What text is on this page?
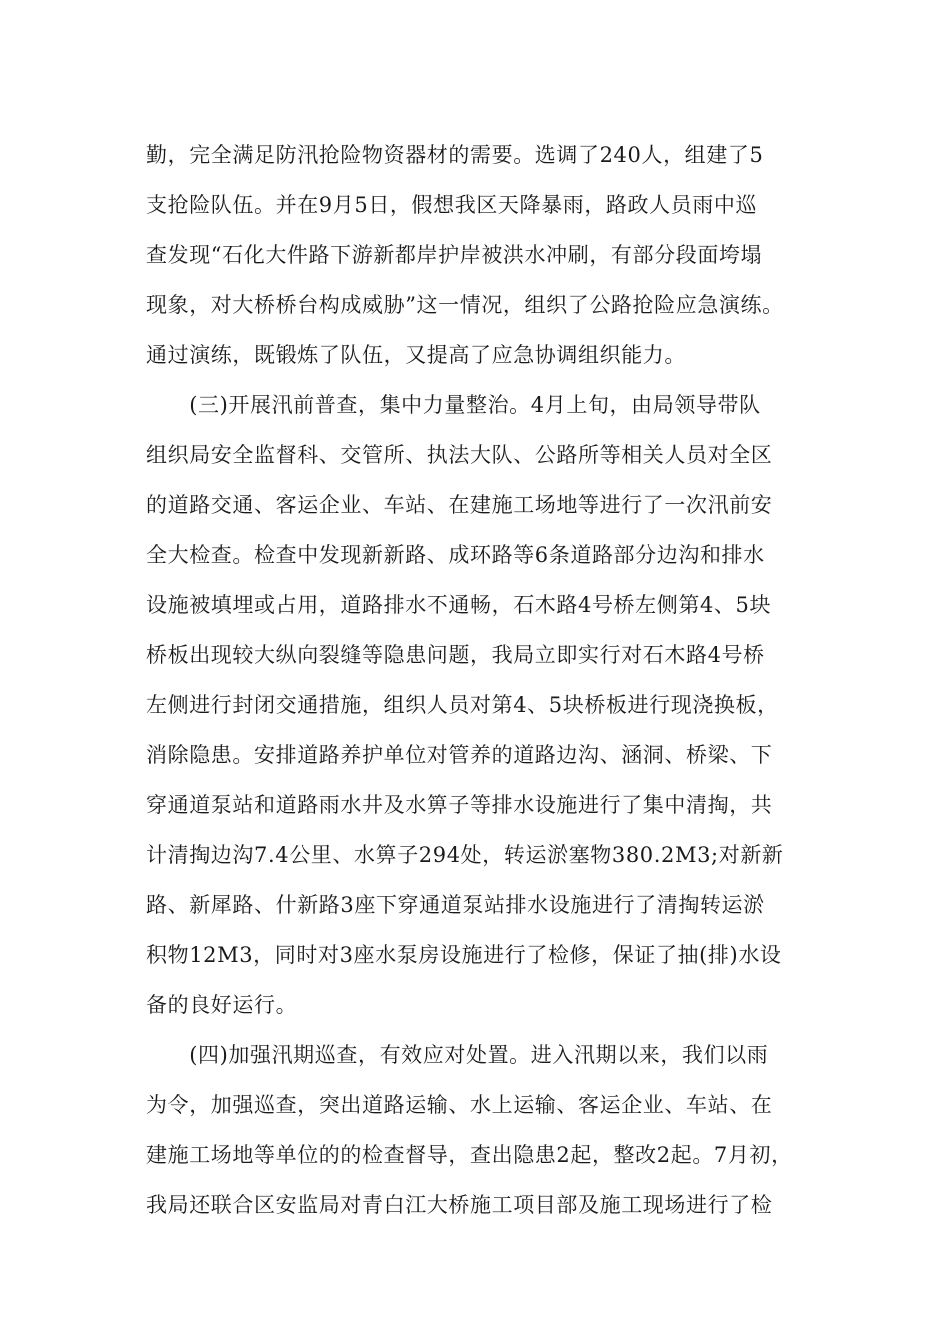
勤，完全满足防汛抢险物资器材的需要。选调了240人，组建了5
支抢险队伍。并在9月5日，假想我区天降暴雨，路政人员雨中巡
查发现“石化大件路下游新都岸护岸被洪水冲刷，有部分段面垮塌
现象，对大桥桥台构成威胁”这一情况，组织了公路抢险应急演练。
通过演练，既锻炼了队伍，又提高了应急协调组织能力。
　　(三)开展汛前普查，集中力量整治。4月上旬，由局领导带队
组织局安全监督科、交管所、执法大队、公路所等相关人员对全区
的道路交通、客运企业、车站、在建施工场地等进行了一次汛前安
全大检查。检查中发现新新路、成环路等6条道路部分边沟和排水
设施被填埋或占用，道路排水不通畅，石木路4号桥左侧第4、5块
桥板出现较大纵向裂缝等隐患问题，我局立即实行对石木路4号桥
左侧进行封闭交通措施，组织人员对第4、5块桥板进行现浇换板，
消除隐患。安排道路养护单位对管养的道路边沟、涵洞、桥梁、下
穿通道泵站和道路雨水井及水箅子等排水设施进行了集中清掏，共
计清掏边沟7.4公里、水箅子294处，转运淤塞物380.2M3;对新新
路、新犀路、什新路3座下穿通道泵站排水设施进行了清掏转运淤
积物12M3，同时对3座水泵房设施进行了检修，保证了抽(排)水设
备的良好运行。
　　(四)加强汛期巡查，有效应对处置。进入汛期以来，我们以雨
为令，加强巡查，突出道路运输、水上运输、客运企业、车站、在
建施工场地等单位的的检查督导，查出隐患2起，整改2起。7月初，
我局还联合区安监局对青白江大桥施工项目部及施工现场进行了检
